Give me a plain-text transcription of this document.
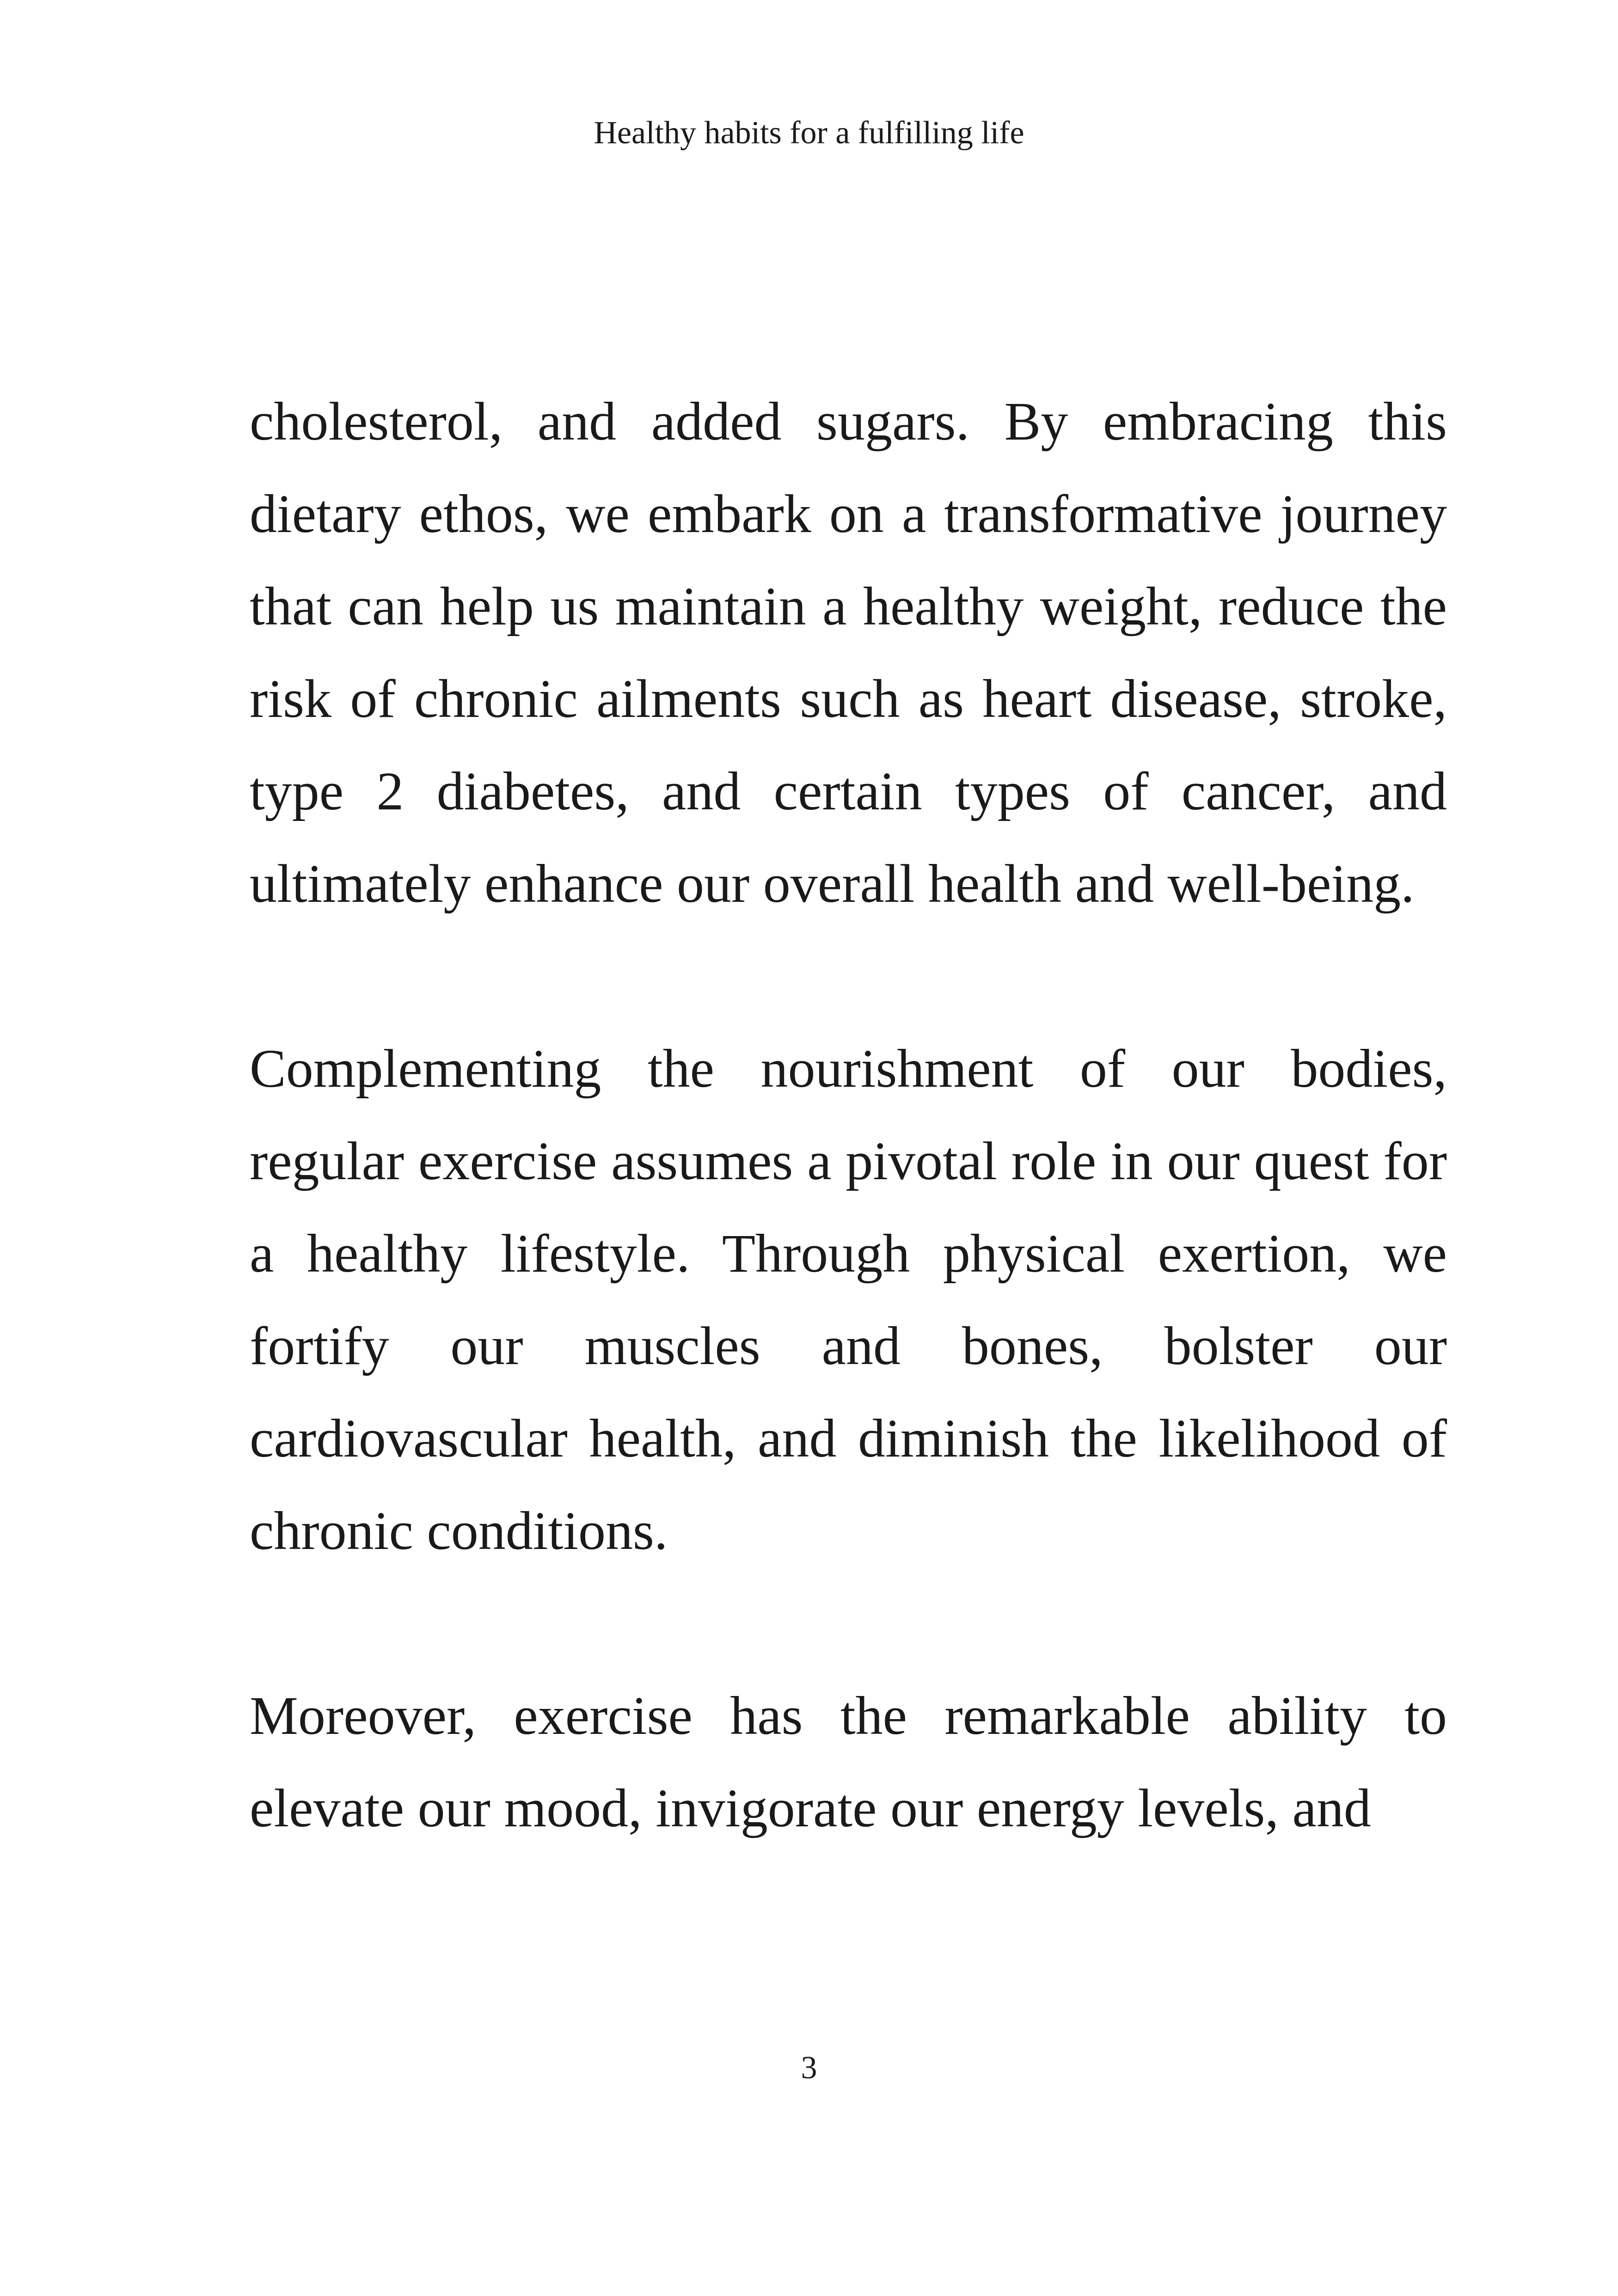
Healthy habits for a fulfilling life

cholesterol, and added sugars. By embracing this dietary ethos, we embark on a transformative journey that can help us maintain a healthy weight, reduce the risk of chronic ailments such as heart disease, stroke, type 2 diabetes, and certain types of cancer, and ultimately enhance our overall health and well-being.

Complementing the nourishment of our bodies, regular exercise assumes a pivotal role in our quest for a healthy lifestyle. Through physical exertion, we fortify our muscles and bones, bolster our cardiovascular health, and diminish the likelihood of chronic conditions.

Moreover, exercise has the remarkable ability to elevate our mood, invigorate our energy levels, and

3
